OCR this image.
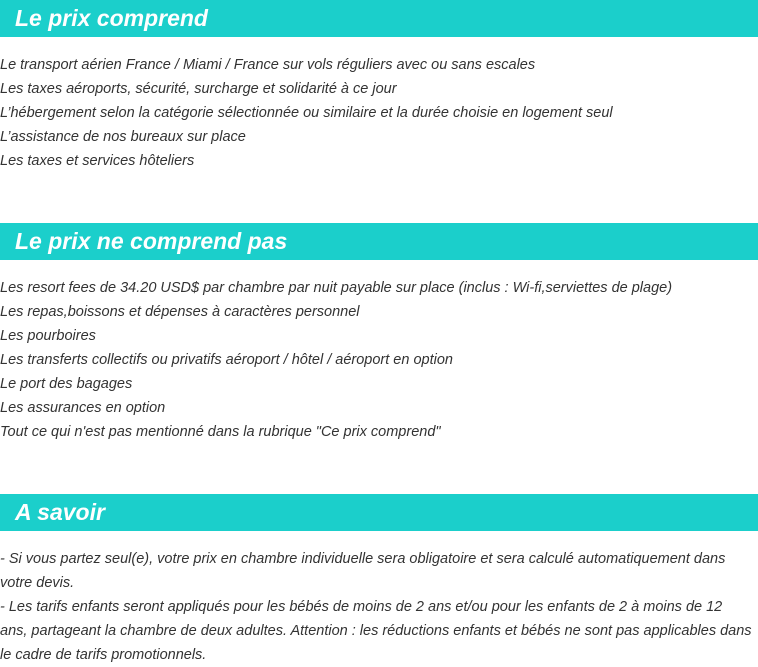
Le prix comprend
Le transport aérien France / Miami / France sur vols réguliers avec ou sans escales
Les taxes aéroports, sécurité, surcharge et solidarité à ce jour
L’hébergement selon la catégorie sélectionnée ou similaire et la durée choisie en logement seul
L’assistance de nos bureaux sur place
Les taxes et services hôteliers
Le prix ne comprend pas
Les resort fees de 34.20 USD$ par chambre par nuit payable sur place (inclus : Wi-fi,serviettes de plage)
Les repas,boissons et dépenses à caractères personnel
Les pourboires
Les transferts collectifs ou privatifs aéroport / hôtel / aéroport en option
Le port des bagages
Les assurances en option
Tout ce qui n'est pas mentionné dans la rubrique "Ce prix comprend"
A savoir

- Si vous partez seul(e), votre prix en chambre individuelle sera obligatoire et sera calculé automatiquement dans votre devis.

- Les tarifs enfants seront appliqués pour les bébés de moins de 2 ans et/ou pour les enfants de 2 à moins de 12 ans, partageant la chambre de deux adultes. Attention : les réductions enfants et bébés ne sont pas applicables dans le cadre de tarifs promotionnels.
